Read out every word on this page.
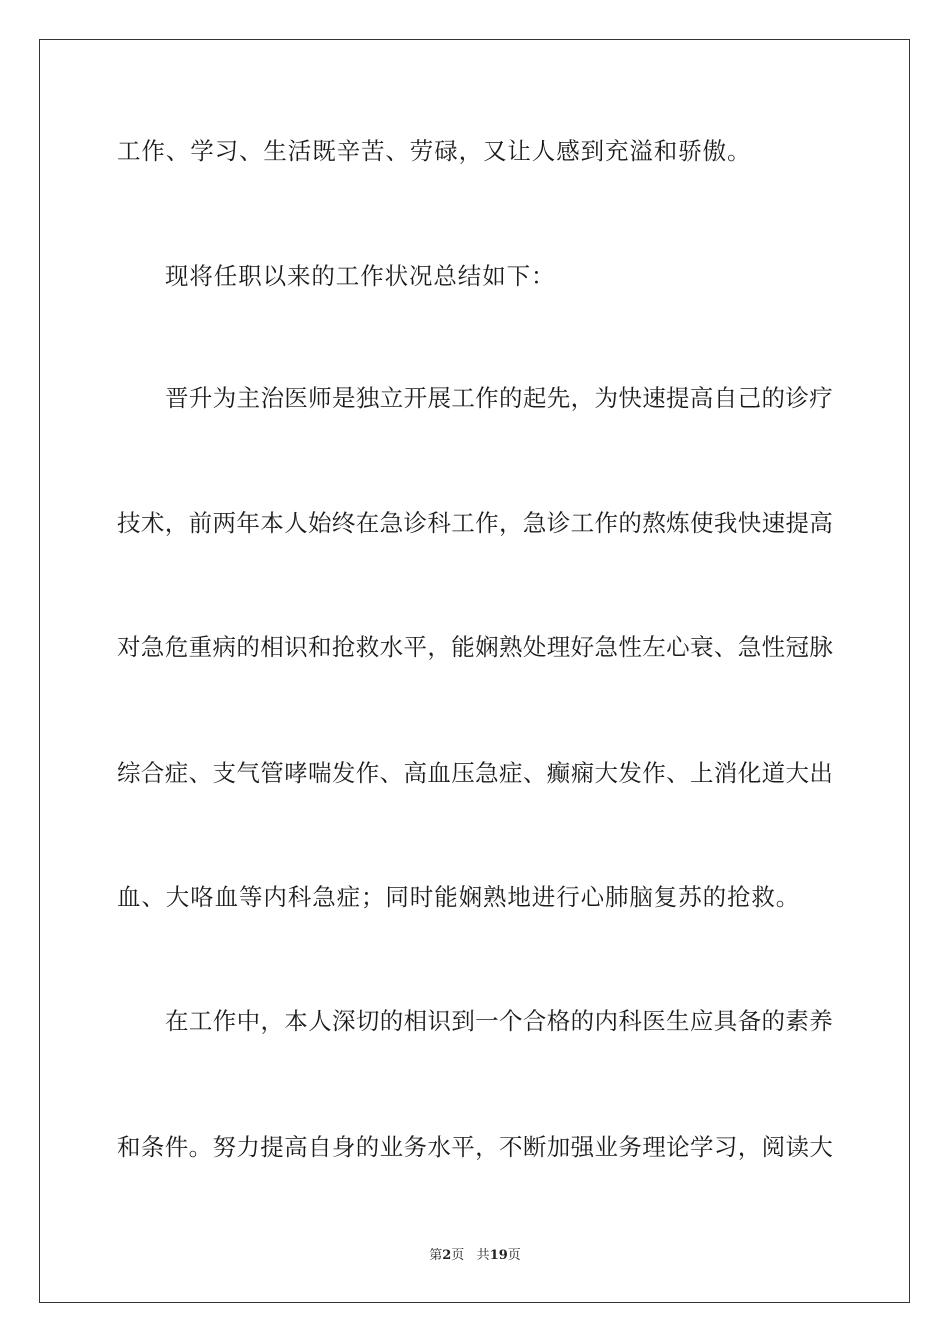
工作、学习、生活既辛苦、劳碌，又让人感到充溢和骄傲。
现将任职以来的工作状况总结如下：
晋 升 为 主 治 医 师 是 独 立 开 展 工 作 的 起 先 ， 为 快 速 提 高 自 己 的 诊 疗
技 术 ， 前 两 年 本 人 始 终 在 急 诊 科 工 作 ， 急 诊 工 作 的 熬 炼 使 我 快 速 提 高
对 急 危 重 病 的 相 识 和 抢 救 水 平 ， 能 娴 熟 处 理 好 急 性 左 心 衰 、 急 性 冠 脉
综 合 症 、 支 气 管 哮 喘 发 作 、 高 血 压 急 症 、 癫 痫 大 发 作 、 上 消 化 道 大 出
血、大咯血等内科急症；同时能娴熟地进行心肺脑复苏的抢救。
在 工 作 中 ， 本 人 深 切 的 相 识 到 一 个 合 格 的 内 科 医 生 应 具 备 的 素 养
和 条 件 。 努 力 提 高 自 身 的 业 务 水 平 ， 不 断 加 强 业 务 理 论 学 习 ， 阅 读 大
第2页 共19页
